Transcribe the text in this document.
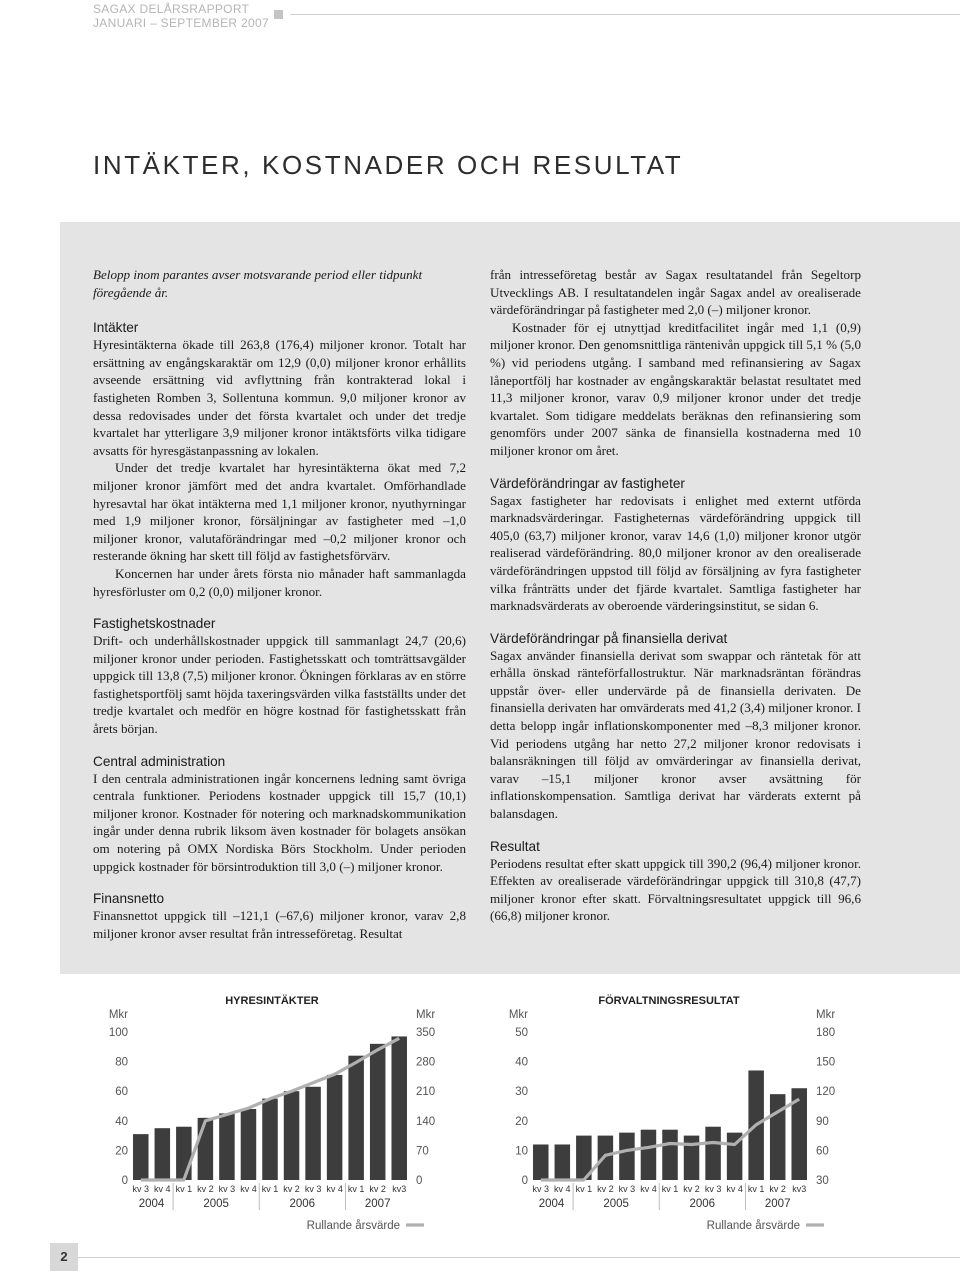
SAGAX DELÅRSRAPPORT
JANUARI – SEPTEMBER 2007
INTÄKTER, KOSTNADER OCH RESULTAT

Belopp inom parantes avser motsvarande period eller tidpunkt föregående år.

Intäkter

Hyresintäkterna ökade till 263,8 (176,4) miljoner kronor. Totalt har ersättning av engångskaraktär om 12,9 (0,0) miljoner kronor erhållits avseende ersättning vid avflyttning från kontrakterad lokal i fastigheten Romben 3, Sollentuna kommun. 9,0 miljoner kronor av dessa redovisades under det första kvartalet och under det tredje kvartalet har ytterligare 3,9 miljoner kronor intäktsförts vilka tidigare avsatts för hyresgästanpassning av lokalen.

Under det tredje kvartalet har hyresintäkterna ökat med 7,2 miljoner kronor jämfört med det andra kvartalet. Omförhandlade hyresavtal har ökat intäkterna med 1,1 miljoner kronor, nyuthyrningar med 1,9 miljoner kronor, försäljningar av fastigheter med –1,0 miljoner kronor, valutaförändringar med –0,2 miljoner kronor och resterande ökning har skett till följd av fastighetsförvärv.

Koncernen har under årets första nio månader haft sammanlagda hyresförluster om 0,2 (0,0) miljoner kronor.

Fastighetskostnader

Drift- och underhållskostnader uppgick till sammanlagt 24,7 (20,6) miljoner kronor under perioden. Fastighetsskatt och tomträttsavgälder uppgick till 13,8 (7,5) miljoner kronor. Ökningen förklaras av en större fastighetsportfölj samt höjda taxeringsvärden vilka fastställts under det tredje kvartalet och medför en högre kostnad för fastighetsskatt från årets början.

Central administration

I den centrala administrationen ingår koncernens ledning samt övriga centrala funktioner. Periodens kostnader uppgick till 15,7 (10,1) miljoner kronor. Kostnader för notering och marknadskommunikation ingår under denna rubrik liksom även kostnader för bolagets ansökan om notering på OMX Nordiska Börs Stockholm. Under perioden uppgick kostnader för börsintroduktion till 3,0 (–) miljoner kronor.

Finansnetto

Finansnettot uppgick till –121,1 (–67,6) miljoner kronor, varav 2,8 miljoner kronor avser resultat från intresseföretag. Resultat

från intresseföretag består av Sagax resultatandel från Segeltorp Utvecklings AB. I resultatandelen ingår Sagax andel av orealiserade värdeförändringar på fastigheter med 2,0 (–) miljoner kronor.

Kostnader för ej utnyttjad kreditfacilitet ingår med 1,1 (0,9) miljoner kronor. Den genomsnittliga räntenivån uppgick till 5,1 % (5,0 %) vid periodens utgång. I samband med refinansiering av Sagax låneportfölj har kostnader av engångskaraktär belastat resultatet med 11,3 miljoner kronor, varav 0,9 miljoner kronor under det tredje kvartalet. Som tidigare meddelats beräknas den refinansiering som genomförs under 2007 sänka de finansiella kostnaderna med 10 miljoner kronor om året.

Värdeförändringar av fastigheter

Sagax fastigheter har redovisats i enlighet med externt utförda marknadsvärderingar. Fastigheternas värdeförändring uppgick till 405,0 (63,7) miljoner kronor, varav 14,6 (1,0) miljoner kronor utgör realiserad värdeförändring. 80,0 miljoner kronor av den orealiserade värdeförändringen uppstod till följd av försäljning av fyra fastigheter vilka frånträtts under det fjärde kvartalet. Samtliga fastigheter har marknadsvärderats av oberoende värderingsinstitut, se sidan 6.

Värdeförändringar på finansiella derivat

Sagax använder finansiella derivat som swappar och räntetak för att erhålla önskad ränteförfallostruktur. När marknadsräntan förändras uppstår över- eller undervärde på de finansiella derivaten. De finansiella derivaten har omvärderats med 41,2 (3,4) miljoner kronor. I detta belopp ingår inflationskomponenter med –8,3 miljoner kronor. Vid periodens utgång har netto 27,2 miljoner kronor redovisats i balansräkningen till följd av omvärderingar av finansiella derivat, varav –15,1 miljoner kronor avser avsättning för inflationskompensation. Samtliga derivat har värderats externt på balansdagen.

Resultat

Periodens resultat efter skatt uppgick till 390,2 (96,4) miljoner kronor. Effekten av orealiserade värdeförändringar uppgick till 310,8 (47,7) miljoner kronor efter skatt. Förvaltningsresultatet uppgick till 96,6 (66,8) miljoner kronor.

HYRESINTÄKTER
Mkr	Mkr
0
20
40
60
80
100
0
70
140
210
280
350
kv 3 kv 4 kv 1 kv 2 kv 3 kv 4 kv 1 kv 2 kv 3 kv 4 kv 1 kv 2 kv3
2004	2005	2006	2007
Rullande årsvärde
FÖRVALTNINGSRESULTAT
Mkr	Mkr
0
10
20
30
40
50
30
60
90
120
150
180
kv 3 kv 4 kv 1 kv 2 kv 3 kv 4 kv 1 kv 2 kv 3 kv 4 kv 1 kv 2 kv3
2004	2005	2006	2007
Rullande årsvärde
2
